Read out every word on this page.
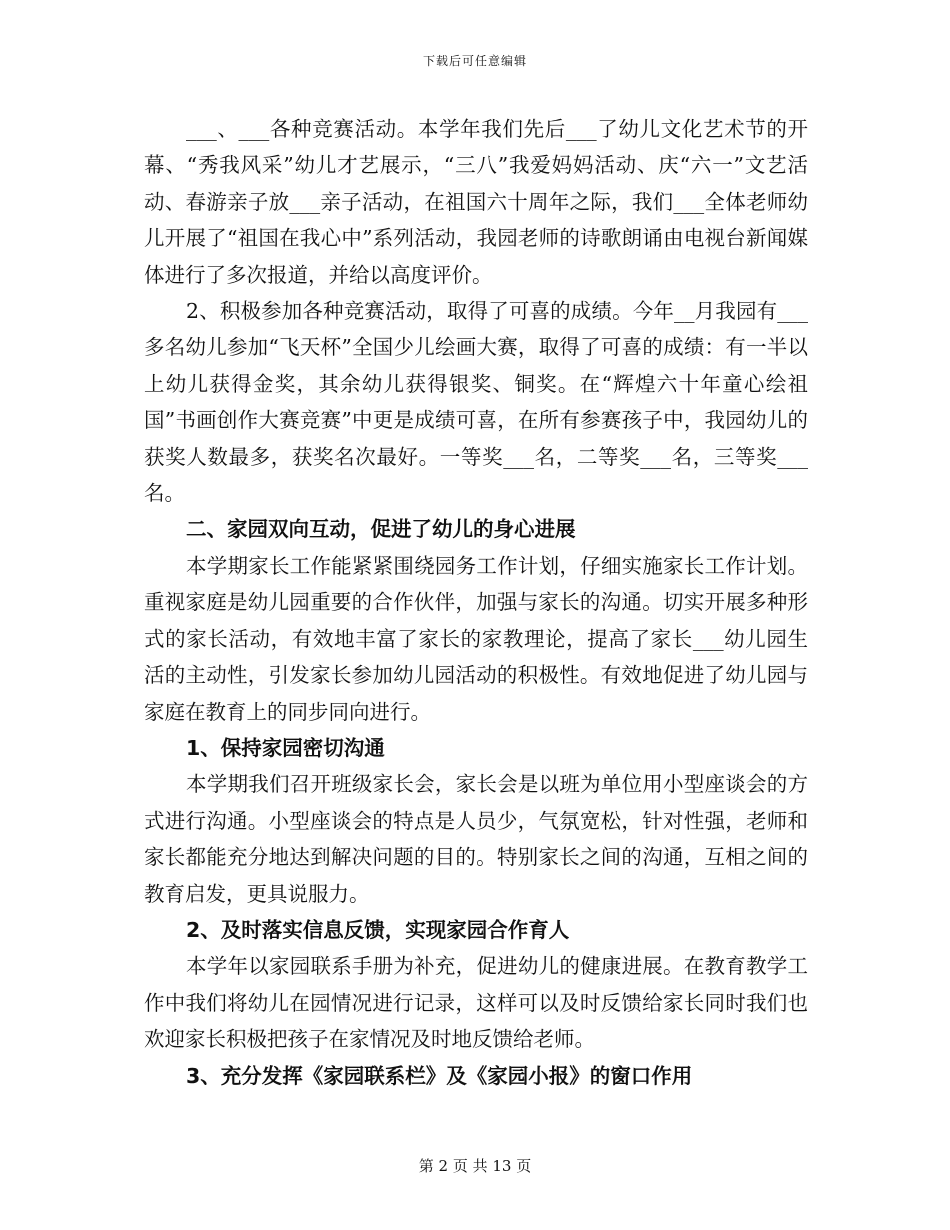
下载后可任意编辑

___、___各种竞赛活动。本学年我们先后___了幼儿文化艺术节的开幕、“秀我风采”幼儿才艺展示，“三八”我爱妈妈活动、庆“六一”文艺活动、春游亲子放___亲子活动，在祖国六十周年之际，我们___全体老师幼儿开展了“祖国在我心中”系列活动，我园老师的诗歌朗诵由电视台新闻媒体进行了多次报道，并给以高度评价。

2、积极参加各种竞赛活动，取得了可喜的成绩。今年__月我园有___多名幼儿参加“飞天杯”全国少儿绘画大赛，取得了可喜的成绩：有一半以上幼儿获得金奖，其余幼儿获得银奖、铜奖。在“辉煌六十年童心绘祖国”书画创作大赛竞赛”中更是成绩可喜，在所有参赛孩子中，我园幼儿的获奖人数最多，获奖名次最好。一等奖___名，二等奖___名，三等奖___名。

二、家园双向互动，促进了幼儿的身心进展

本学期家长工作能紧紧围绕园务工作计划，仔细实施家长工作计划。重视家庭是幼儿园重要的合作伙伴，加强与家长的沟通。切实开展多种形式的家长活动，有效地丰富了家长的家教理论，提高了家长___幼儿园生活的主动性，引发家长参加幼儿园活动的积极性。有效地促进了幼儿园与家庭在教育上的同步同向进行。

1、保持家园密切沟通

本学期我们召开班级家长会，家长会是以班为单位用小型座谈会的方式进行沟通。小型座谈会的特点是人员少，气氛宽松，针对性强，老师和家长都能充分地达到解决问题的目的。特别家长之间的沟通，互相之间的教育启发，更具说服力。

2、及时落实信息反馈，实现家园合作育人

本学年以家园联系手册为补充，促进幼儿的健康进展。在教育教学工作中我们将幼儿在园情况进行记录，这样可以及时反馈给家长同时我们也欢迎家长积极把孩子在家情况及时地反馈给老师。

3、充分发挥《家园联系栏》及《家园小报》的窗口作用

第 2 页 共 13 页
